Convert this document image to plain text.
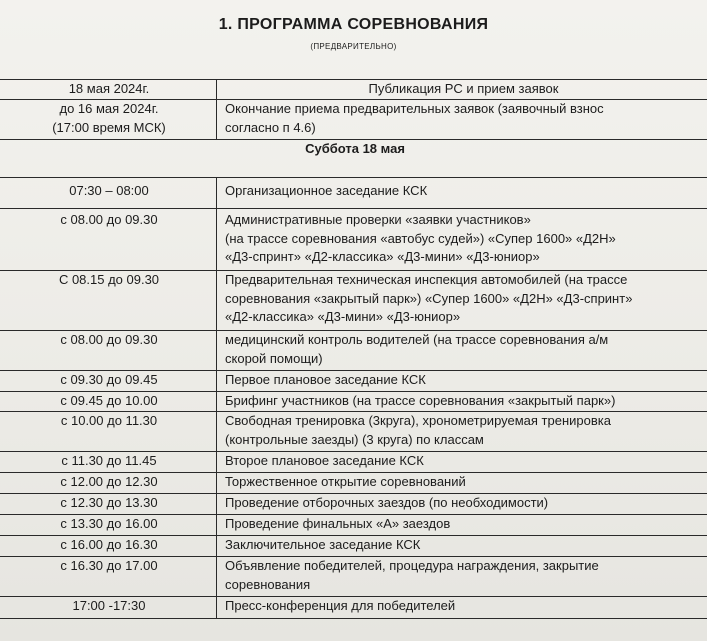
1. ПРОГРАММА СОРЕВНОВАНИЯ
(ПРЕДВАРИТЕЛЬНО)
18 мая 2024г.	Публикация РС и прием заявок

до 16 мая 2024г.
(17:00 время МСК)	Окончание приема предварительных заявок (заявочный взнос
согласно п 4.6)

Суббота 18 мая	

07:30 – 08:00	Организационное заседание КСК

с 08.00 до 09.30	Административные проверки «заявки участников»
(на трассе соревнования «автобус судей») «Супер 1600» «Д2Н»
«Д3-спринт» «Д2-классика» «Д3-мини» «Д3-юниор»

С 08.15 до 09.30	Предварительная техническая инспекция автомобилей (на трассе
соревнования «закрытый парк») «Супер 1600» «Д2Н» «Д3-спринт»
«Д2-классика» «Д3-мини» «Д3-юниор»

с 08.00 до 09.30	медицинский контроль водителей (на трассе соревнования а/м
скорой помощи)

с 09.30 до 09.45	Первое плановое заседание КСК

с 09.45 до 10.00	Брифинг участников (на трассе соревнования «закрытый парк»)

с 10.00 до 11.30	Свободная тренировка (3круга), хронометрируемая тренировка
(контрольные заезды) (3 круга) по классам

с 11.30 до 11.45	Второе плановое заседание КСК

с 12.00 до 12.30	Торжественное открытие соревнований

с 12.30 до 13.30	Проведение отборочных заездов (по необходимости)

с 13.30 до 16.00	Проведение финальных «А» заездов

с 16.00 до 16.30	Заключительное заседание КСК

с 16.30 до 17.00	Объявление победителей, процедура награждения, закрытие
соревнования

17:00 -17:30	Пресс-конференция для победителей
